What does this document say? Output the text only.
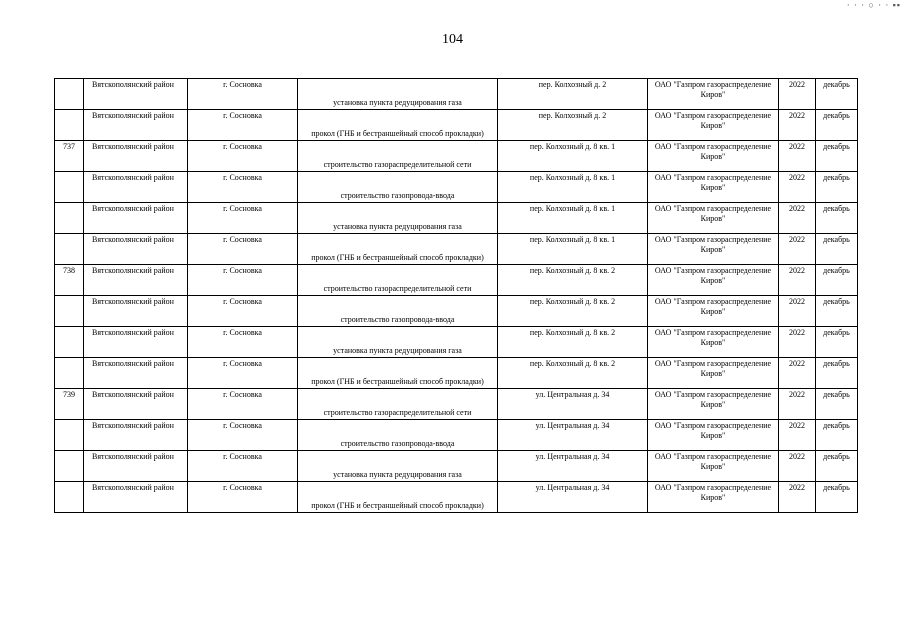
· · · ○ · · ▪▪
104
	Вятскополянский район	г. Сосновка	установка пункта редуцирования газа	пер. Колхозный д. 2	ОАО "Газпром газораспределение Киров"	2022	декабрь
	Вятскополянский район	г. Сосновка	прокол (ГНБ и бестраншейный способ прокладки)	пер. Колхозный д. 2	ОАО "Газпром газораспределение Киров"	2022	декабрь
737	Вятскополянский район	г. Сосновка	строительство газораспределительной сети	пер. Колхозный д. 8 кв. 1	ОАО "Газпром газораспределение Киров"	2022	декабрь
	Вятскополянский район	г. Сосновка	строительство газопровода-ввода	пер. Колхозный д. 8 кв. 1	ОАО "Газпром газораспределение Киров"	2022	декабрь
	Вятскополянский район	г. Сосновка	установка пункта редуцирования газа	пер. Колхозный д. 8 кв. 1	ОАО "Газпром газораспределение Киров"	2022	декабрь
	Вятскополянский район	г. Сосновка	прокол (ГНБ и бестраншейный способ прокладки)	пер. Колхозный д. 8 кв. 1	ОАО "Газпром газораспределение Киров"	2022	декабрь
738	Вятскополянский район	г. Сосновка	строительство газораспределительной сети	пер. Колхозный д. 8 кв. 2	ОАО "Газпром газораспределение Киров"	2022	декабрь
	Вятскополянский район	г. Сосновка	строительство газопровода-ввода	пер. Колхозный д. 8 кв. 2	ОАО "Газпром газораспределение Киров"	2022	декабрь
	Вятскополянский район	г. Сосновка	установка пункта редуцирования газа	пер. Колхозный д. 8 кв. 2	ОАО "Газпром газораспределение Киров"	2022	декабрь
	Вятскополянский район	г. Сосновка	прокол (ГНБ и бестраншейный способ прокладки)	пер. Колхозный д. 8 кв. 2	ОАО "Газпром газораспределение Киров"	2022	декабрь
739	Вятскополянский район	г. Сосновка	строительство газораспределительной сети	ул. Центральная д. 34	ОАО "Газпром газораспределение Киров"	2022	декабрь
	Вятскополянский район	г. Сосновка	строительство газопровода-ввода	ул. Центральная д. 34	ОАО "Газпром газораспределение Киров"	2022	декабрь
	Вятскополянский район	г. Сосновка	установка пункта редуцирования газа	ул. Центральная д. 34	ОАО "Газпром газораспределение Киров"	2022	декабрь
	Вятскополянский район	г. Сосновка	прокол (ГНБ и бестраншейный способ прокладки)	ул. Центральная д. 34	ОАО "Газпром газораспределение Киров"	2022	декабрь
